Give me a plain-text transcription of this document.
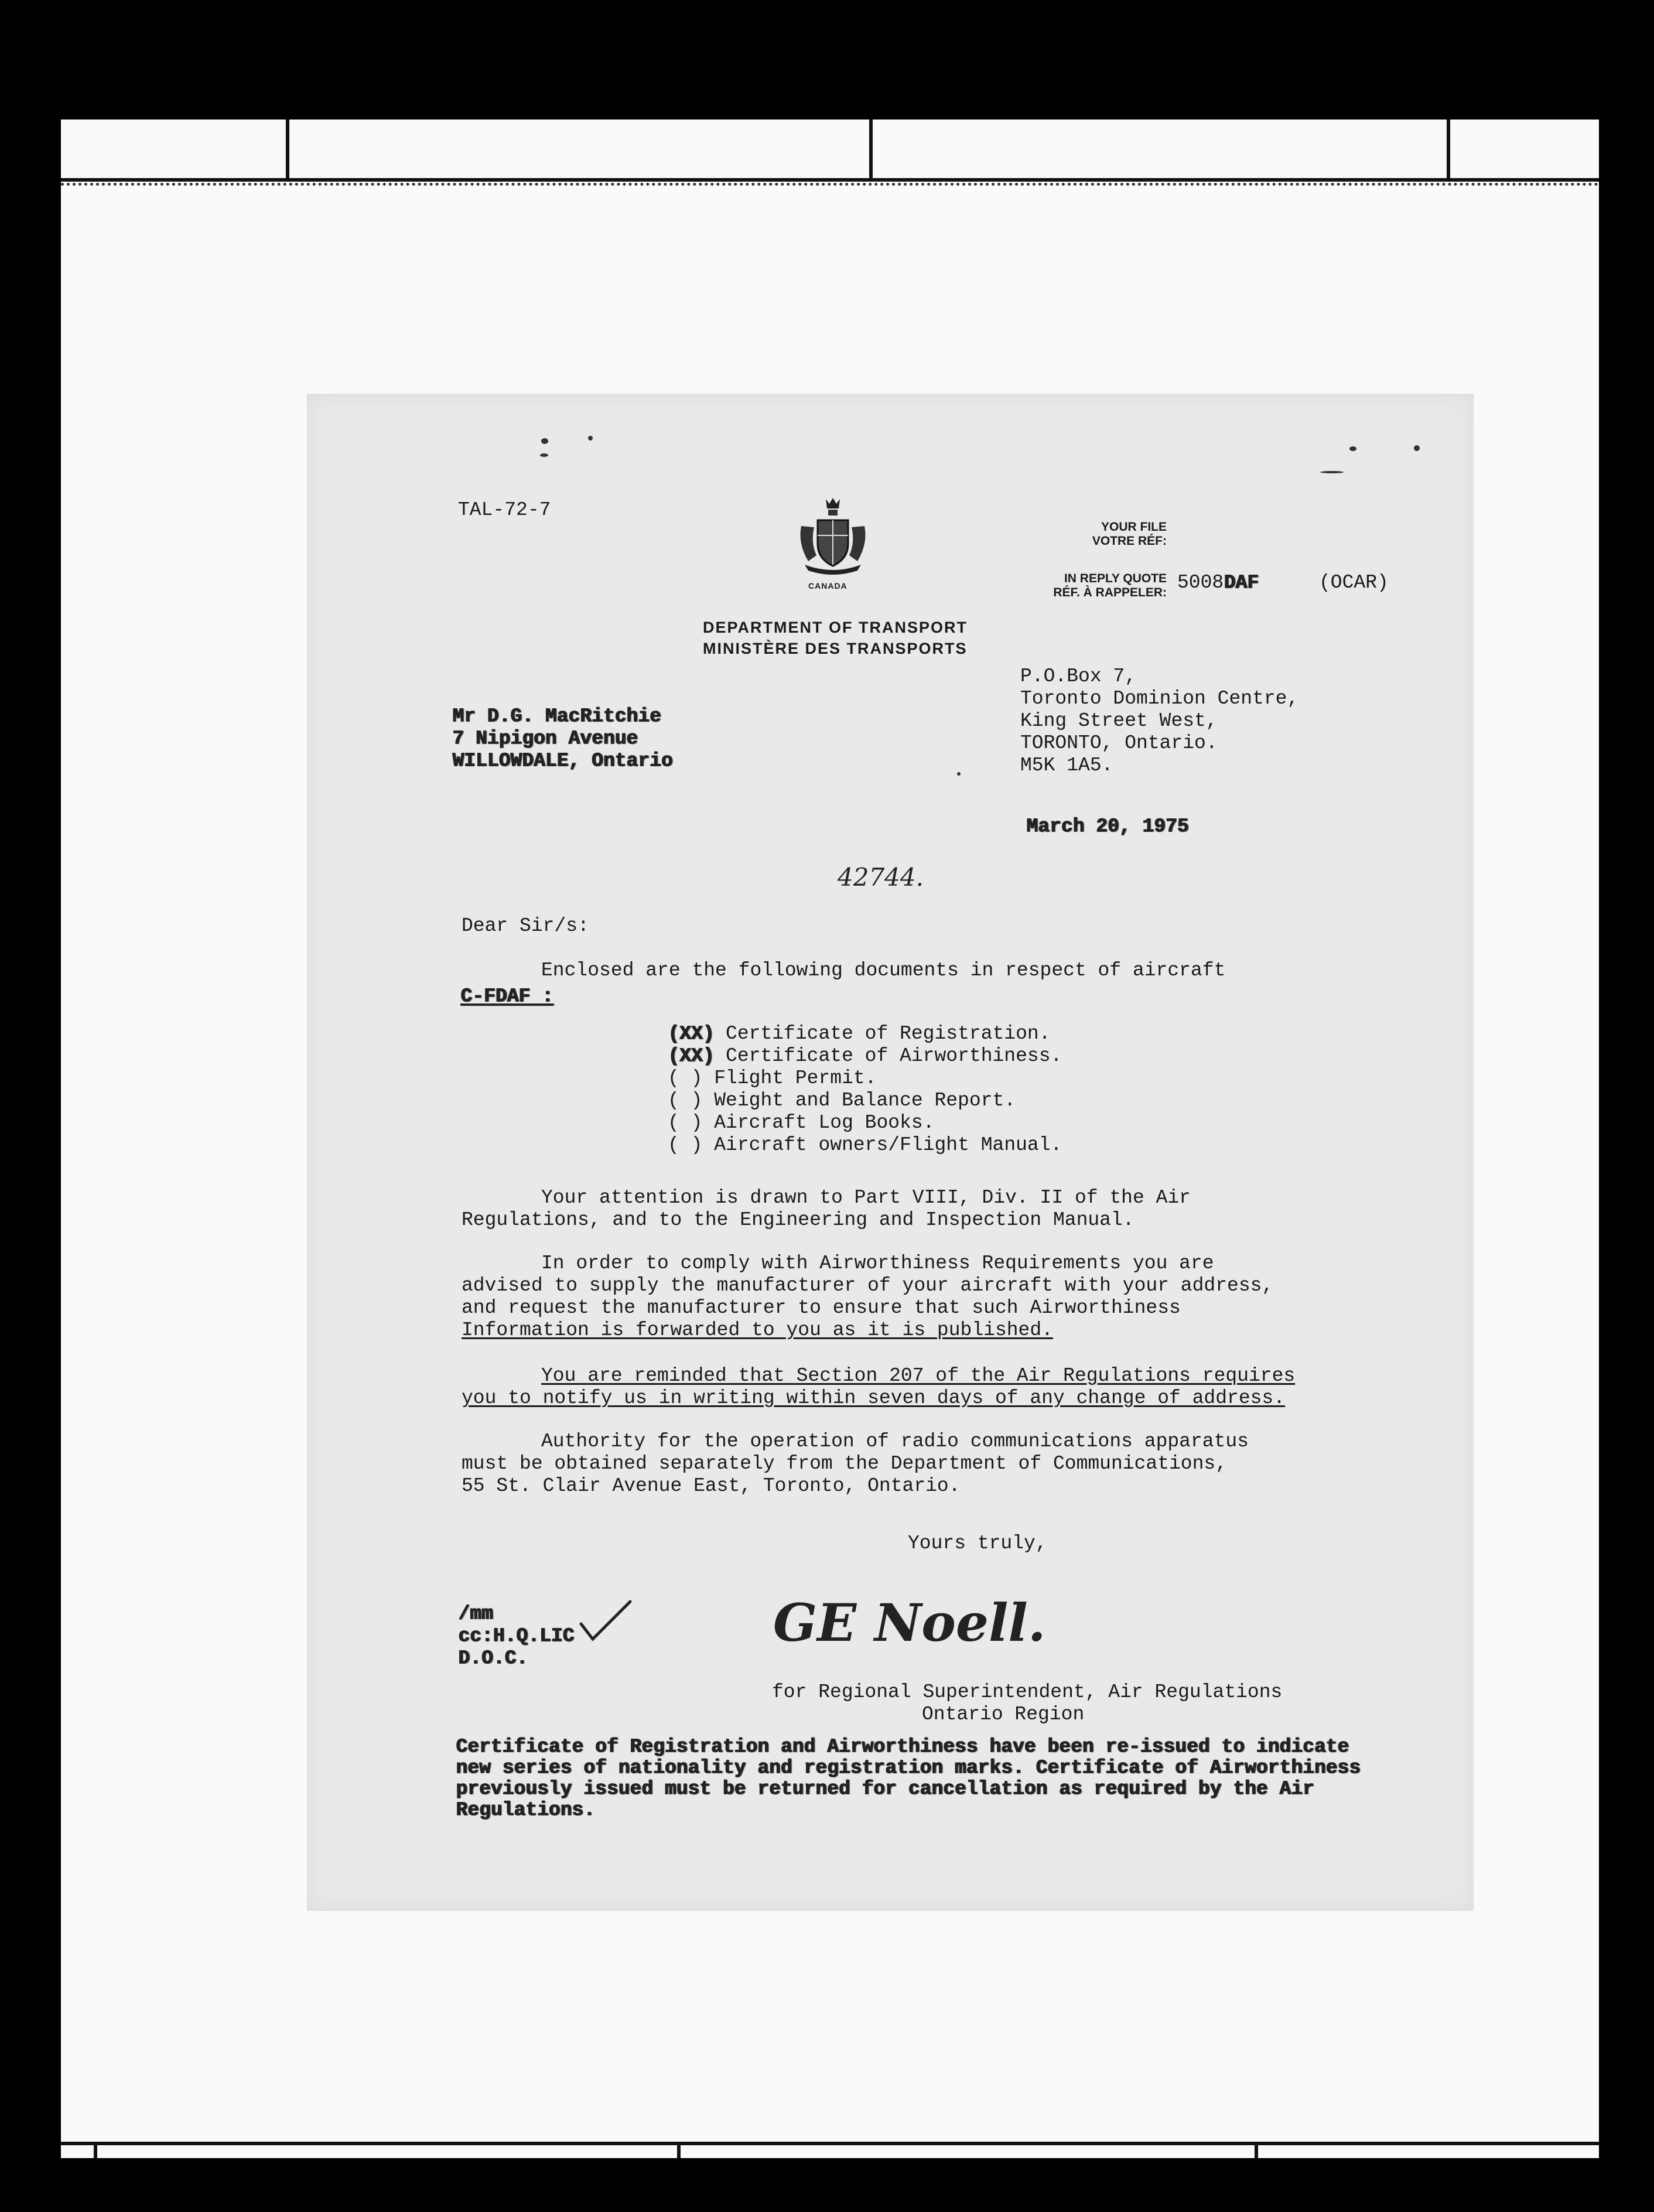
TAL-72-7
CANADA
DEPARTMENT OF TRANSPORT
MINISTÈRE DES TRANSPORTS
YOUR FILE
VOTRE RÉF:
IN REPLY QUOTE
RÉF. À RAPPELER: 5008DAF	(OCAR)
P.O.Box 7,
Toronto Dominion Centre,
King Street West,
TORONTO, Ontario.
M5K 1A5.
Mr D.G. MacRitchie
7 Nipigon Avenue
WILLOWDALE, Ontario
March 20, 1975
42744.
Dear Sir/s:
Enclosed are the following documents in respect of aircraft
C-FDAF :
(XX) Certificate of Registration.
(XX) Certificate of Airworthiness.
( ) Flight Permit.
( ) Weight and Balance Report.
( ) Aircraft Log Books.
( ) Aircraft owners/Flight Manual.
Your attention is drawn to Part VIII, Div. II of the Air
Regulations, and to the Engineering and Inspection Manual.
In order to comply with Airworthiness Requirements you are
advised to supply the manufacturer of your aircraft with your address,
and request the manufacturer to ensure that such Airworthiness
Information is forwarded to you as it is published.
You are reminded that Section 207 of the Air Regulations requires
you to notify us in writing within seven days of any change of address.
Authority for the operation of radio communications apparatus
must be obtained separately from the Department of Communications,
55 St. Clair Avenue East, Toronto, Ontario.
Yours truly,
/mm
cc:H.Q.LIC
D.O.C.
GE Noell.
for Regional Superintendent, Air Regulations
Ontario Region
Certificate of Registration and Airworthiness have been re-issued to indicate
new series of nationality and registration marks. Certificate of Airworthiness
previously issued must be returned for cancellation as required by the Air
Regulations.
